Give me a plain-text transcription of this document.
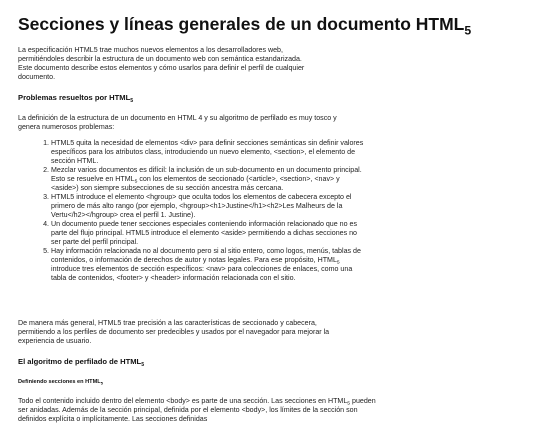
Secciones y líneas generales de un documento $HTML_5$

La especificación HTML5 trae muchos nuevos elementos a los desarrolladores web, permitiéndoles describir la estructura de un documento web con semántica estandarizada. Este documento describe estos elementos y cómo usarlos para definir el perfil de cualquier documento.

Problemas resueltos por $HTML_5$

La definición de la estructura de un documento en HTML 4 y su algoritmo de perfilado es muy tosco y genera numerosos problemas:

1. HTML5 quita la necesidad de elementos <div> para definir secciones semánticas sin definir valores específicos para los atributos class, introduciendo un nuevo elemento, <section>, el elemento de sección HTML.
2. Mezclar varios documentos es difícil: la inclusión de un sub-documento en un documento principal. Esto se resuelve en $HTML_5$ con los elementos de seccionado (<article>, <section>, <nav> y <aside>) son siempre subsecciones de su sección ancestra más cercana.
3. HTML5 introduce el elemento <hgroup> que oculta todos los elementos de cabecera excepto el primero de más alto rango (por ejemplo, <hgroup><h1>Justine</h1><h2>Les Malheurs de la Vertu</h2></hgroup> crea el perfil 1. Justine).
4. Un documento puede tener secciones especiales conteniendo información relacionado que no es parte del flujo principal. HTML5 introduce el elemento <aside> permitiendo a dichas secciones no ser parte del perfil principal.
5. Hay información relacionada no al documento pero si al sitio entero, como logos, menús, tablas de contenidos, o información de derechos de autor y notas legales. Para ese propósito, $HTML_5$ introduce tres elementos de sección específicos: <nav> para colecciones de enlaces, como una tabla de contenidos, <footer> y <header> información relacionada con el sitio.

De manera más general, HTML5 trae precisión a las características de seccionado y cabecera, permitiendo a los perfiles de documento ser predecibles y usados por el navegador para mejorar la experiencia de usuario.

El algoritmo de perfilado de $HTML_5$
Definiendo secciones en $HTML_5$

Todo el contenido incluido dentro del elemento <body> es parte de una sección. Las secciones en $HTML_5$ pueden ser anidadas. Además de la sección principal, definida por el elemento <body>, los límites de la sección son definidos explícita o implícitamente. Las secciones definidas
